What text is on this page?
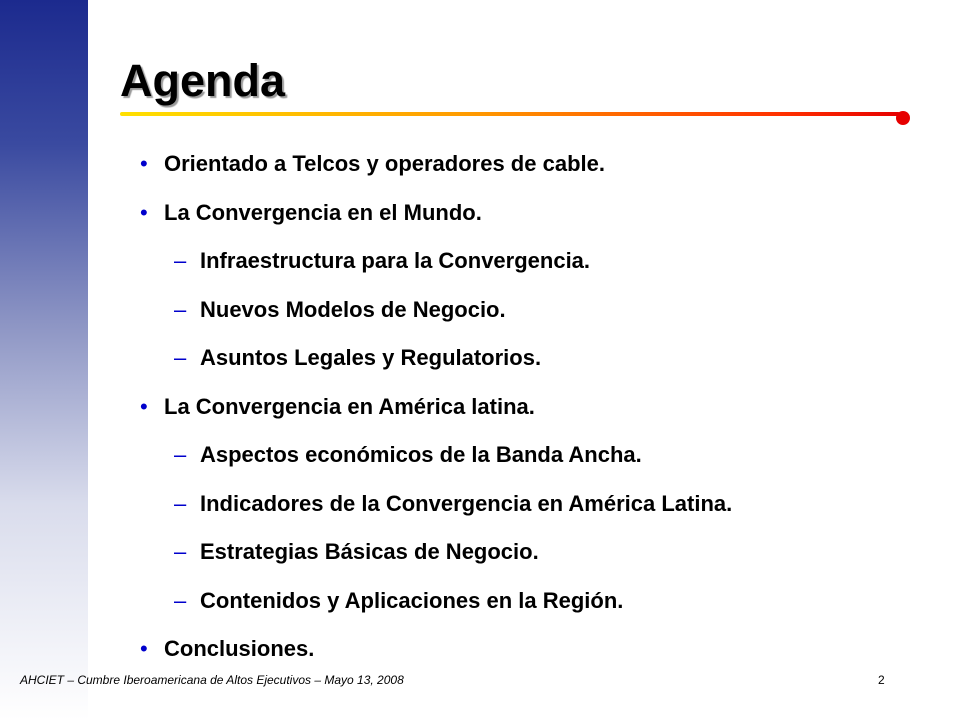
Agenda
• Orientado a Telcos y operadores de cable.
• La Convergencia en el Mundo.
– Infraestructura para la Convergencia.
– Nuevos Modelos de Negocio.
– Asuntos Legales y Regulatorios.
• La Convergencia en América latina.
– Aspectos económicos de la Banda Ancha.
– Indicadores de la Convergencia en América Latina.
– Estrategias Básicas de Negocio.
– Contenidos y Aplicaciones en la Región.
• Conclusiones.
AHCIET – Cumbre Iberoamericana de Altos Ejecutivos – Mayo 13, 2008	2
